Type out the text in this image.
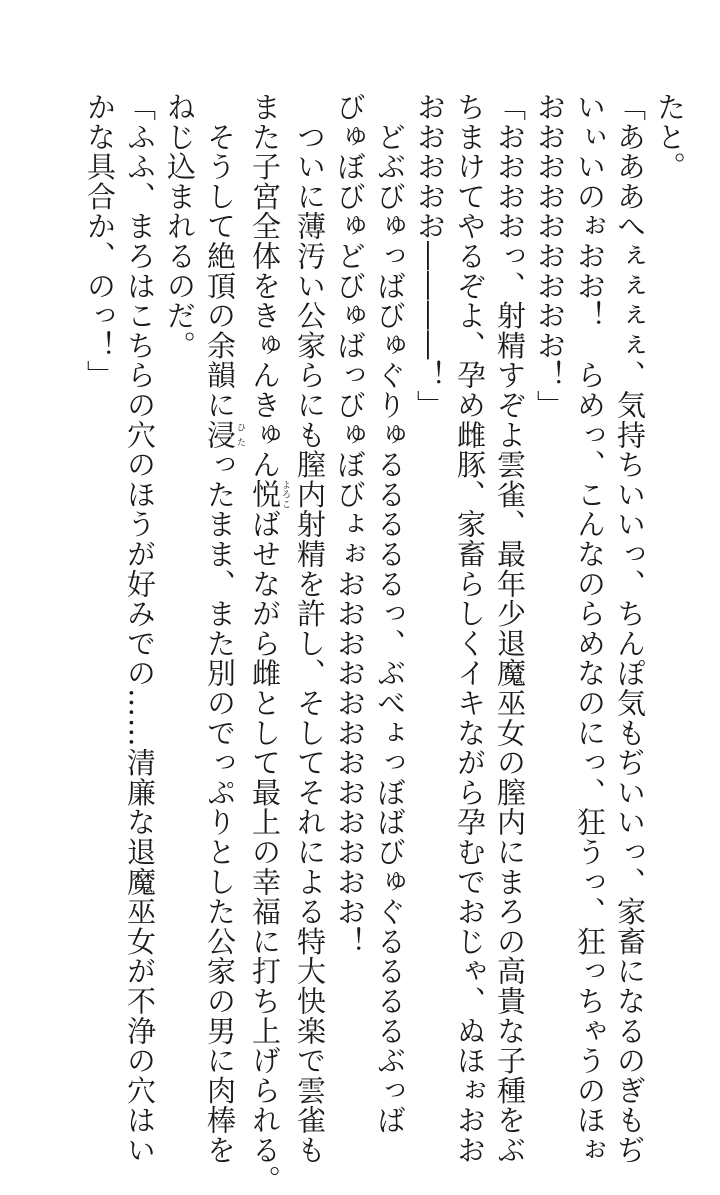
たと。
「あああへぇぇぇぇ、気持ちいいっ、ちんぽ気もぢいいっ、家畜になるのぎもぢ
いぃいのぉおお！　らめっ、こんなのらめなのにっ、狂うっ、狂っちゃうのほぉ
おおおおおおおおお！」
「おおおおっ、射精すぞよ雲雀、最年少退魔巫女の膣内にまろの高貴な子種をぶ
ちまけてやるぞよ、孕め雌豚、家畜らしくイキながら孕むでおじゃ、ぬほぉおお
おおおおお――――！」
　どぶびゅっばびゅぐりゅるるるるるっ、ぶべょっぼばびゅぐるるるるぶっば
びゅぼびゅどびゅばっびゅぼびょぉおおおおおおおおおおおお！
　ついに薄汚い公家らにも膣内射精を許し、そしてそれによる特大快楽で雲雀も
また子宮全体をきゅんきゅん悦よろこばせながら雌として最上の幸福に打ち上げられる。
　そうして絶頂の余韻に浸ひたったまま、また別のでっぷりとした公家の男に肉棒を
ねじ込まれるのだ。
「ふふ、まろはこちらの穴のほうが好みでの……清廉な退魔巫女が不浄の穴はい
かな具合か、のっ！」
